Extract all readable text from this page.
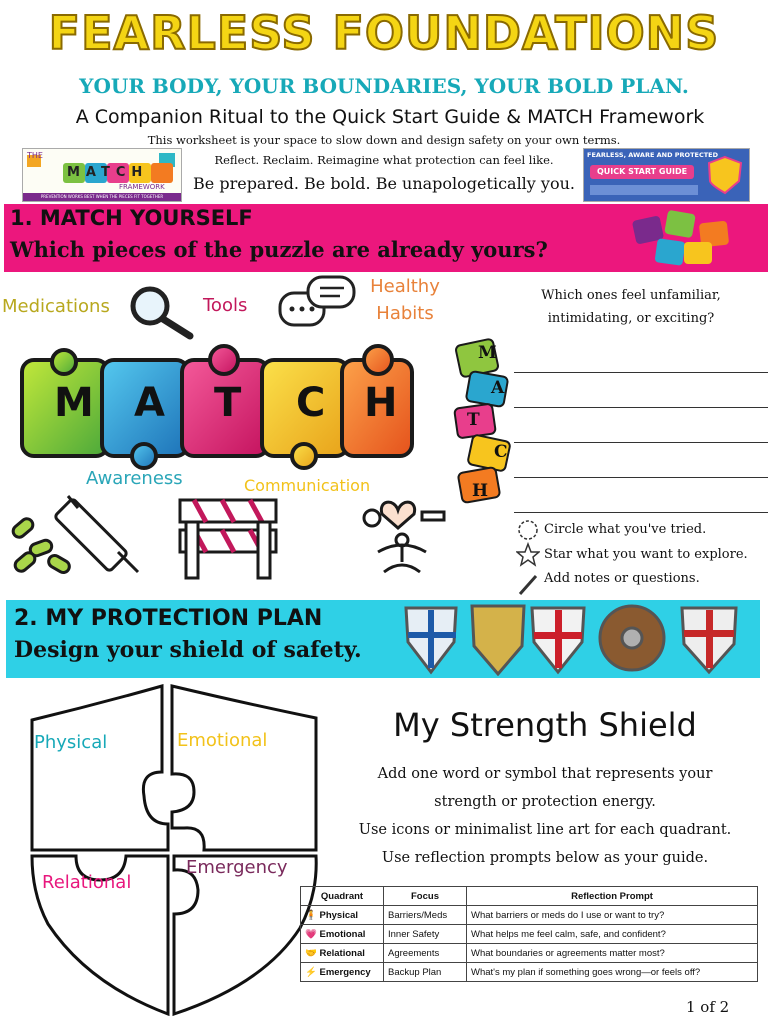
FEARLESS FOUNDATIONS
YOUR BODY, YOUR BOUNDARIES, YOUR BOLD PLAN.
A Companion Ritual to the Quick Start Guide & MATCH Framework
This worksheet is your space to slow down and design safety on your own terms.
Reflect. Reclaim. Reimagine what protection can feel like.
Be prepared. Be bold. Be unapologetically you.
THE
MATCH
FRAMEWORK
PREVENTION WORKS BEST WHEN THE PIECES FIT TOGETHER
FEARLESS, AWARE AND PROTECTED
QUICK START GUIDE
1. MATCH YOURSELF
Which pieces of the puzzle are already yours?
Medications	Tools
Healthy
Habits
Which ones feel unfamiliar,
intimidating, or exciting?
M A T C H
Awareness	Communication
M
A
T
C
H
Circle what you've tried.
Star what you want to explore.
Add notes or questions.
2. MY PROTECTION PLAN
Design your shield of safety.
Physical	Emotional
Relational
Emergency
My Strength Shield
Add one word or symbol that represents your
strength or protection energy.
Use icons or minimalist line art for each quadrant.
Use reflection prompts below as your guide.
Quadrant	Focus	Reflection Prompt
🧍 Physical	Barriers/Meds	What barriers or meds do I use or want to try?
💗 Emotional	Inner Safety	What helps me feel calm, safe, and confident?
🤝 Relational	Agreements	What boundaries or agreements matter most?
⚡ Emergency	Backup Plan	What's my plan if something goes wrong—or feels off?
1 of 2
